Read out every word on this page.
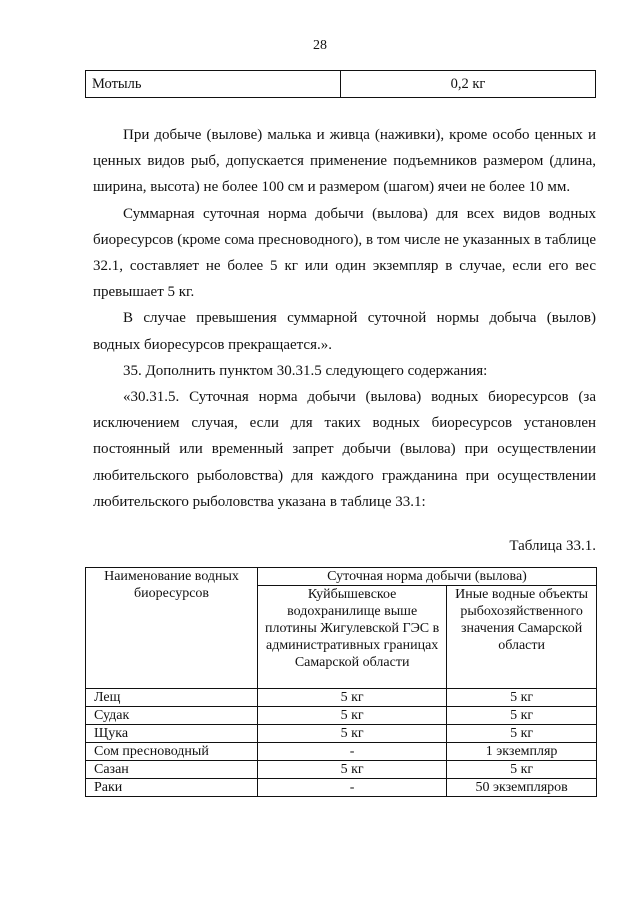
28
Мотыль	0,2 кг

При добыче (вылове) малька и живца (наживки), кроме особо ценных и ценных видов рыб, допускается применение подъемников размером (длина, ширина, высота) не более 100 см и размером (шагом) ячеи не более 10 мм.

Суммарная суточная норма добычи (вылова) для всех видов водных биоресурсов (кроме сома пресноводного), в том числе не указанных в таблице 32.1, составляет не более 5 кг или один экземпляр в случае, если его вес превышает 5 кг.

В случае превышения суммарной суточной нормы добыча (вылов) водных биоресурсов прекращается.».

35. Дополнить пунктом 30.31.5 следующего содержания:

«30.31.5. Суточная норма добычи (вылова) водных биоресурсов (за исключением случая, если для таких водных биоресурсов установлен постоянный или временный запрет добычи (вылова) при осуществлении любительского рыболовства) для каждого гражданина при осуществлении любительского рыболовства указана в таблице 33.1:

Таблица 33.1.
Наименование водных биоресурсов	Суточная норма добычи (вылова)	
	Куйбышевское водохранилище выше плотины Жигулевской ГЭС в административных границах Самарской области	Иные водные объекты рыбохозяйственного значения Самарской области
Лещ	5 кг	5 кг
Судак	5 кг	5 кг
Щука	5 кг	5 кг
Сом пресноводный	-	1 экземпляр
Сазан	5 кг	5 кг
Раки	-	50 экземпляров
